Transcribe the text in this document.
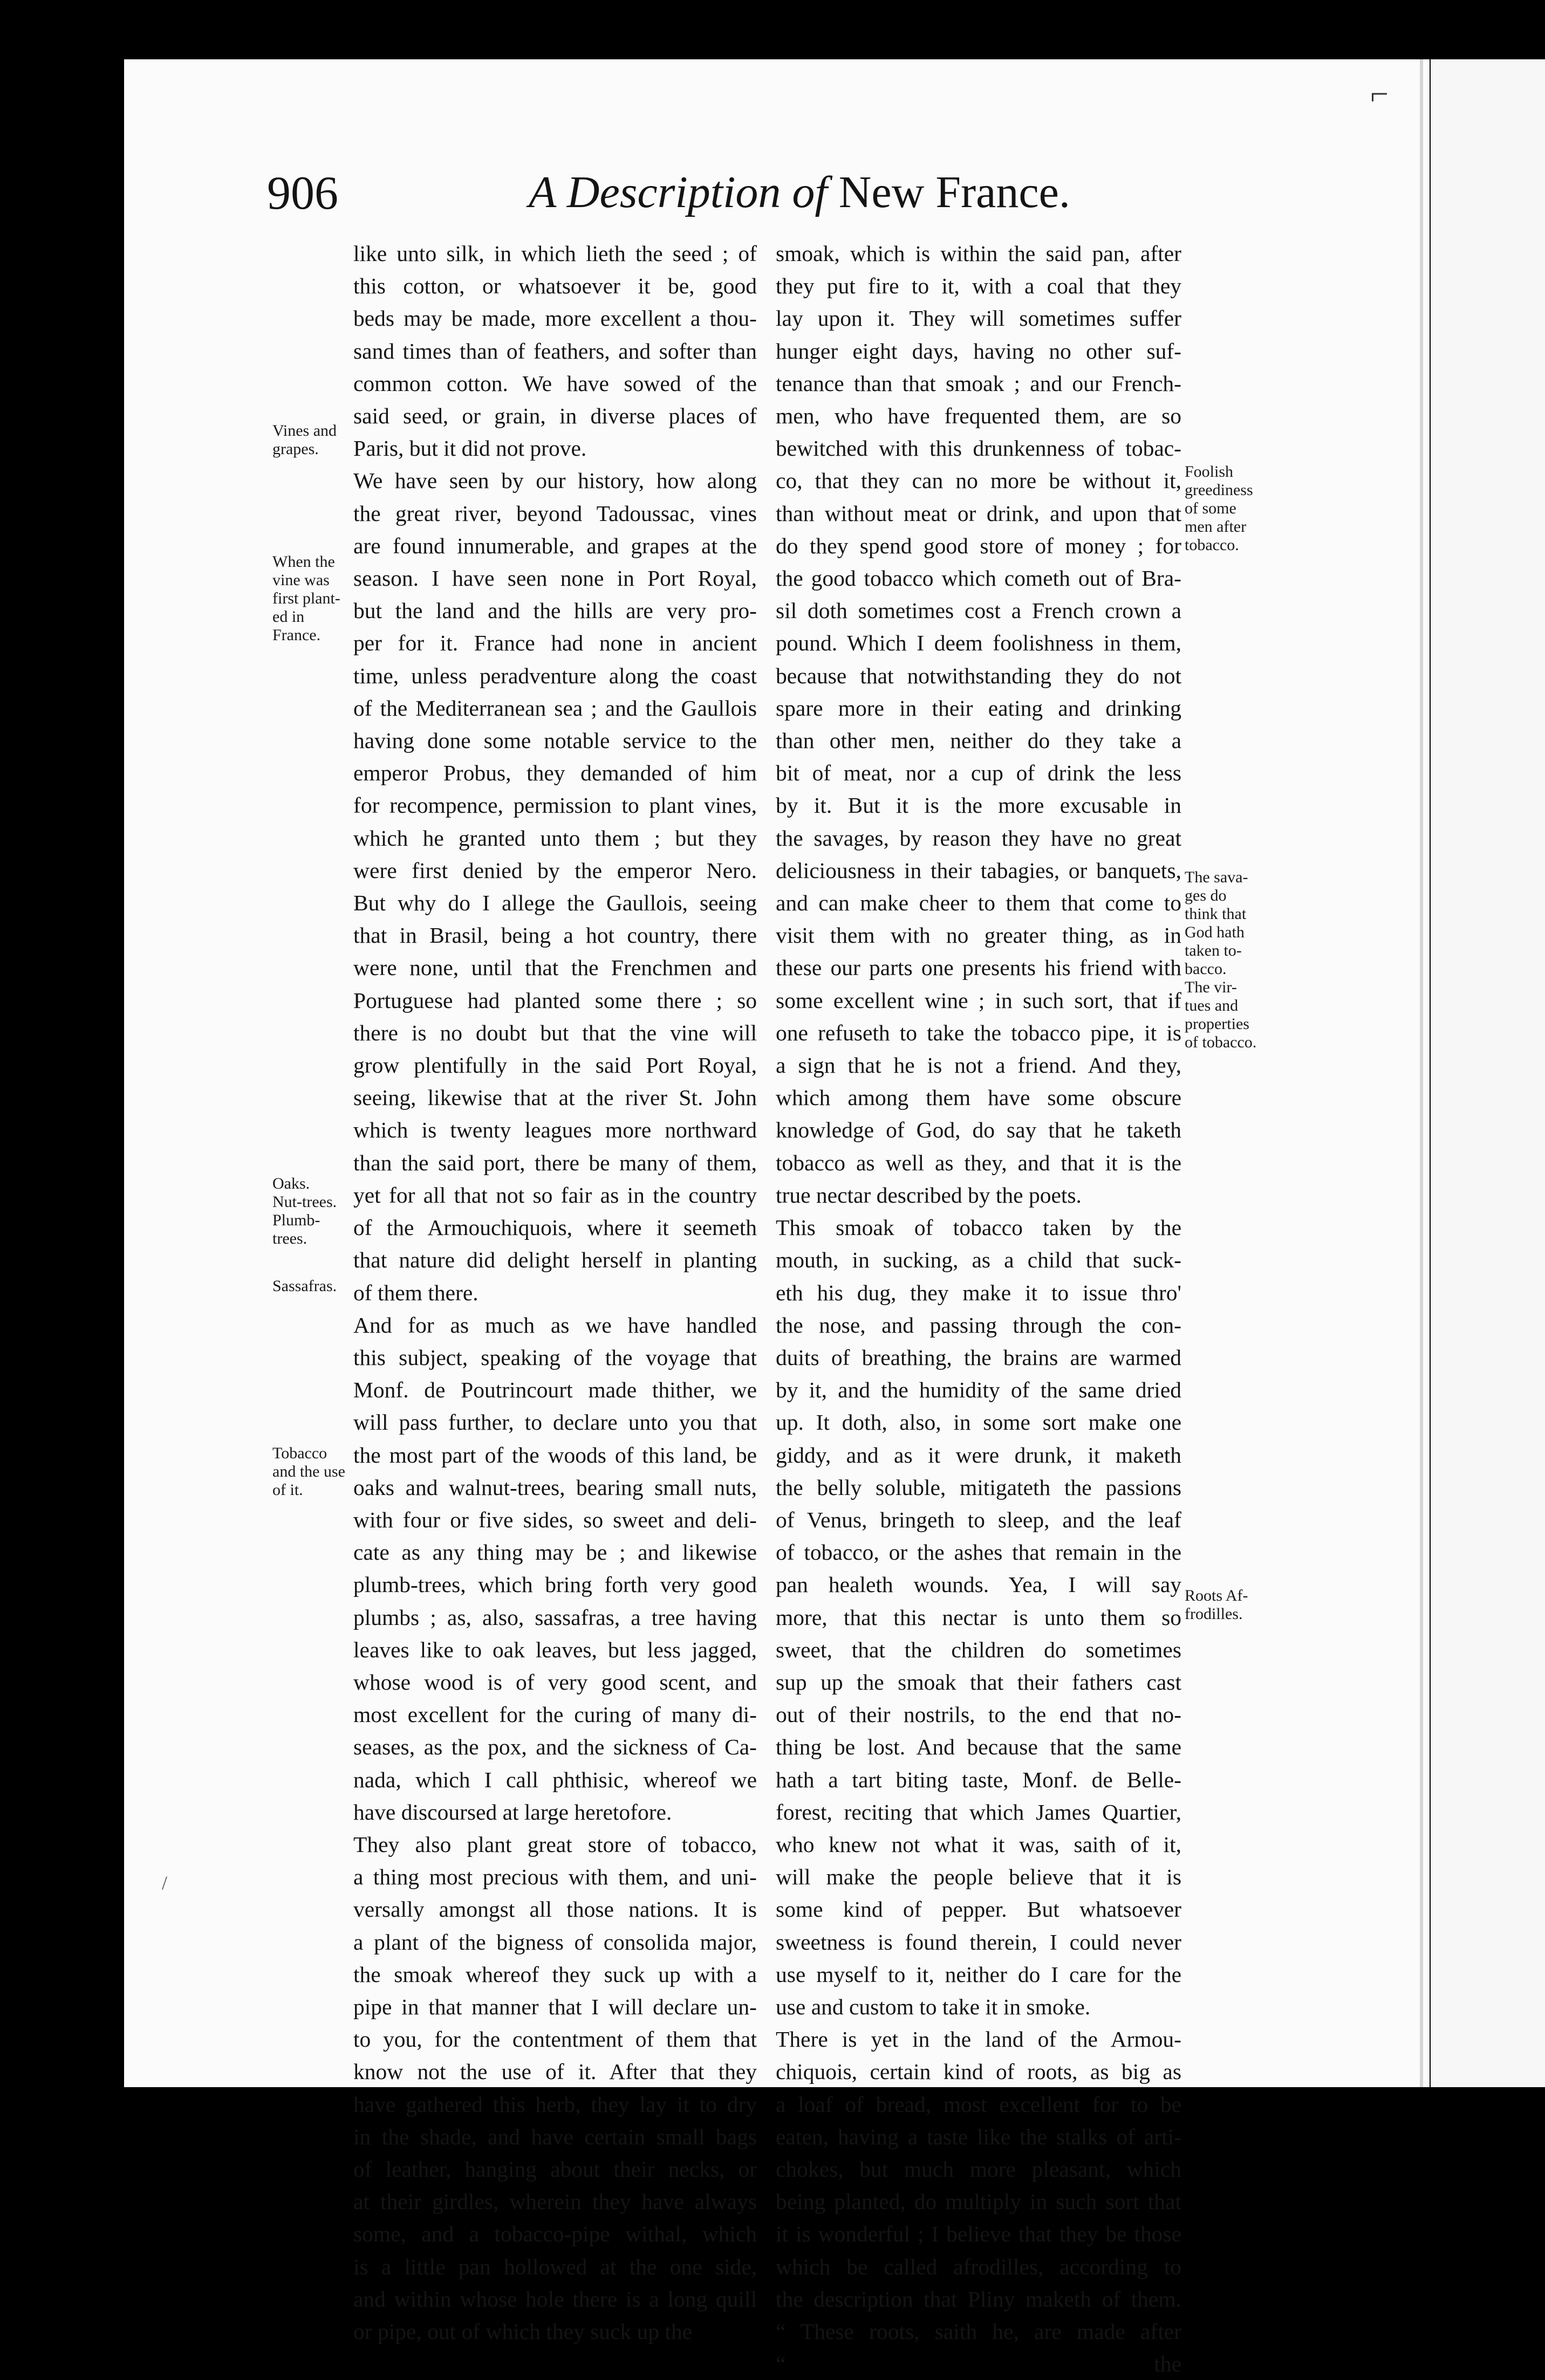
⌐
/
906	A Description of New France.
like unto silk, in which lieth the seed ; of
this cotton, or whatsoever it be, good
beds may be made, more excellent a thou-
sand times than of feathers, and softer than
common cotton. We have sowed of the
said seed, or grain, in diverse places of
Paris, but it did not prove.
We have seen by our history, how along
the great river, beyond Tadoussac, vines
are found innumerable, and grapes at the
season. I have seen none in Port Royal,
but the land and the hills are very pro-
per for it. France had none in ancient
time, unless peradventure along the coast
of the Mediterranean sea ; and the Gaullois
having done some notable service to the
emperor Probus, they demanded of him
for recompence, permission to plant vines,
which he granted unto them ; but they
were first denied by the emperor Nero.
But why do I allege the Gaullois, seeing
that in Brasil, being a hot country, there
were none, until that the Frenchmen and
Portuguese had planted some there ; so
there is no doubt but that the vine will
grow plentifully in the said Port Royal,
seeing, likewise that at the river St. John
which is twenty leagues more northward
than the said port, there be many of them,
yet for all that not so fair as in the country
of the Armouchiquois, where it seemeth
that nature did delight herself in planting
of them there.
And for as much as we have handled
this subject, speaking of the voyage that
Monf. de Poutrincourt made thither, we
will pass further, to declare unto you that
the most part of the woods of this land, be
oaks and walnut-trees, bearing small nuts,
with four or five sides, so sweet and deli-
cate as any thing may be ; and likewise
plumb-trees, which bring forth very good
plumbs ; as, also, sassafras, a tree having
leaves like to oak leaves, but less jagged,
whose wood is of very good scent, and
most excellent for the curing of many di-
seases, as the pox, and the sickness of Ca-
nada, which I call phthisic, whereof we
have discoursed at large heretofore.
They also plant great store of tobacco,
a thing most precious with them, and uni-
versally amongst all those nations. It is
a plant of the bigness of consolida major,
the smoak whereof they suck up with a
pipe in that manner that I will declare un-
to you, for the contentment of them that
know not the use of it. After that they
have gathered this herb, they lay it to dry
in the shade, and have certain small bags
of leather, hanging about their necks, or
at their girdles, wherein they have always
some, and a tobacco-pipe withal, which
is a little pan hollowed at the one side,
and within whose hole there is a long quill
or pipe, out of which they suck up the
smoak, which is within the said pan, after
they put fire to it, with a coal that they
lay upon it. They will sometimes suffer
hunger eight days, having no other suf-
tenance than that smoak ; and our French-
men, who have frequented them, are so
bewitched with this drunkenness of tobac-
co, that they can no more be without it,
than without meat or drink, and upon that
do they spend good store of money ; for
the good tobacco which cometh out of Bra-
sil doth sometimes cost a French crown a
pound. Which I deem foolishness in them,
because that notwithstanding they do not
spare more in their eating and drinking
than other men, neither do they take a
bit of meat, nor a cup of drink the less
by it. But it is the more excusable in
the savages, by reason they have no great
deliciousness in their tabagies, or banquets,
and can make cheer to them that come to
visit them with no greater thing, as in
these our parts one presents his friend with
some excellent wine ; in such sort, that if
one refuseth to take the tobacco pipe, it is
a sign that he is not a friend. And they,
which among them have some obscure
knowledge of God, do say that he taketh
tobacco as well as they, and that it is the
true nectar described by the poets.
This smoak of tobacco taken by the
mouth, in sucking, as a child that suck-
eth his dug, they make it to issue thro'
the nose, and passing through the con-
duits of breathing, the brains are warmed
by it, and the humidity of the same dried
up. It doth, also, in some sort make one
giddy, and as it were drunk, it maketh
the belly soluble, mitigateth the passions
of Venus, bringeth to sleep, and the leaf
of tobacco, or the ashes that remain in the
pan healeth wounds. Yea, I will say
more, that this nectar is unto them so
sweet, that the children do sometimes
sup up the smoak that their fathers cast
out of their nostrils, to the end that no-
thing be lost. And because that the same
hath a tart biting taste, Monf. de Belle-
forest, reciting that which James Quartier,
who knew not what it was, saith of it,
will make the people believe that it is
some kind of pepper. But whatsoever
sweetness is found therein, I could never
use myself to it, neither do I care for the
use and custom to take it in smoke.
There is yet in the land of the Armou-
chiquois, certain kind of roots, as big as
a loaf of bread, most excellent for to be
eaten, having a taste like the stalks of arti-
chokes, but much more pleasant, which
being planted, do multiply in such sort that
it is wonderful ; I believe that they be those
which be called afrodilles, according to
the description that Pliny maketh of them.
“ These roots, saith he, are made after
“ the
Vines and
grapes.
When the
vine was
first plant-
ed in
France.
Oaks.
Nut-trees.
Plumb-
trees.
Sassafras.
Tobacco
and the use
of it.
Foolish
greediness
of some
men after
tobacco.
The sava-
ges do
think that
God hath
taken to-
bacco.
The vir-
tues and
properties
of tobacco.
Roots Af-
frodilles.
